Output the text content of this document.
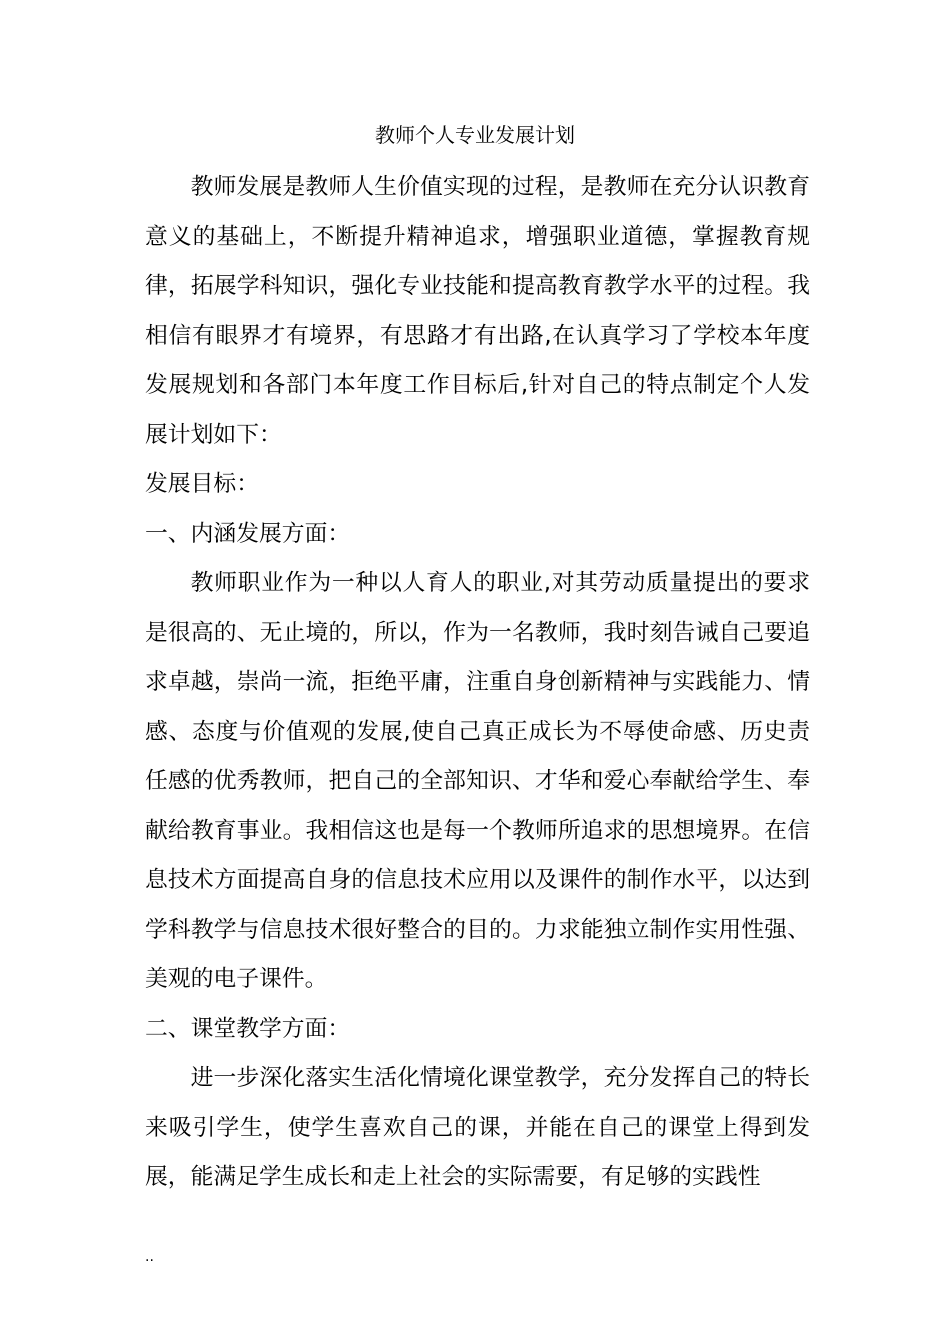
教师个人专业发展计划

教师发展是教师人生价值实现的过程，是教师在充分认识教育意义的基础上，不断提升精神追求，增强职业道德，掌握教育规律，拓展学科知识，强化专业技能和提高教育教学水平的过程。我相信有眼界才有境界，有思路才有出路,在认真学习了学校本年度发展规划和各部门本年度工作目标后,针对自己的特点制定个人发展计划如下：

发展目标：

一、内涵发展方面：

教师职业作为一种以人育人的职业,对其劳动质量提出的要求是很高的、无止境的，所以，作为一名教师，我时刻告诫自己要追求卓越，崇尚一流，拒绝平庸，注重自身创新精神与实践能力、情感、态度与价值观的发展,使自己真正成长为不辱使命感、历史责任感的优秀教师，把自己的全部知识、才华和爱心奉献给学生、奉献给教育事业。我相信这也是每一个教师所追求的思想境界。在信息技术方面提高自身的信息技术应用以及课件的制作水平，以达到学科教学与信息技术很好整合的目的。力求能独立制作实用性强、美观的电子课件。

二、课堂教学方面：

进一步深化落实生活化情境化课堂教学，充分发挥自己的特长来吸引学生，使学生喜欢自己的课，并能在自己的课堂上得到发展，能满足学生成长和走上社会的实际需要，有足够的实践性

..
